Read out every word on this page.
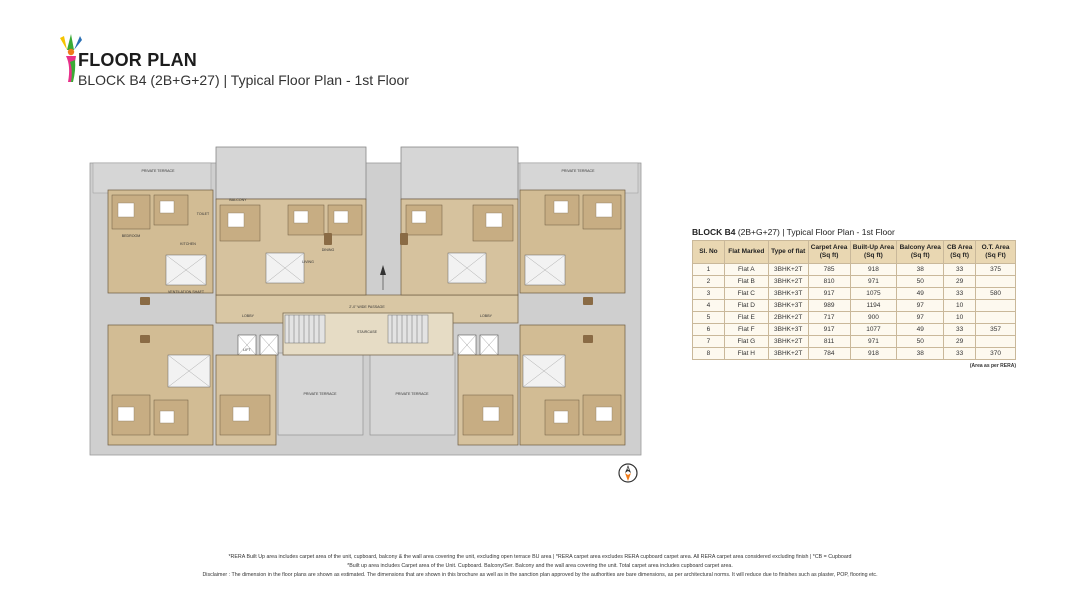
FLOOR PLAN
BLOCK B4 (2B+G+27) | Typical Floor Plan - 1st Floor
PRIVATE TERRACE	PRIVATE TERRACE
PRIVATE TERRACE	PRIVATE TERRACE
2'-0" WIDE PASSAGE
LOBBY	LOBBY
LIFT
STAIRCASE
VENTILATION SHAFT
BEDROOM
LIVING
DINING
KITCHEN
BALCONY
TOILET
N
BLOCK B4 (2B+G+27) | Typical Floor Plan - 1st Floor
Sl. No	Flat Marked	Type of flat	Carpet Area (Sq ft)	Built-Up Area (Sq ft)	Balcony Area (Sq ft)	CB Area (Sq ft)	O.T. Area (Sq Ft)
1	Flat A	3BHK+2T	785	918	38	33	375
2	Flat B	3BHK+2T	810	971	50	29	
3	Flat C	3BHK+3T	917	1075	49	33	580
4	Flat D	3BHK+3T	989	1194	97	10	
5	Flat E	2BHK+2T	717	900	97	10	
6	Flat F	3BHK+3T	917	1077	49	33	357
7	Flat G	3BHK+2T	811	971	50	29	
8	Flat H	3BHK+2T	784	918	38	33	370
(Area as per RERA)
*RERA Built Up area includes carpet area of the unit, cupboard, balcony & the wall area covering the unit, excluding open terrace BU area | *RERA carpet area excludes RERA cupboard carpet area. All RERA carpet area considered excluding finish | *CB = Cupboard
*Built up area includes Carpet area of the Unit. Cupboard. Balcony/Ser. Balcony and the wall area covering the unit. Total carpet area includes cupboard carpet area.
Disclaimer : The dimension in the floor plans are shown as estimated. The dimensions that are shown in this brochure as well as in the sanction plan approved by the authorities are bare dimensions, as per architectural norms. It will reduce due to finishes such as plaster, POP, flooring etc.
